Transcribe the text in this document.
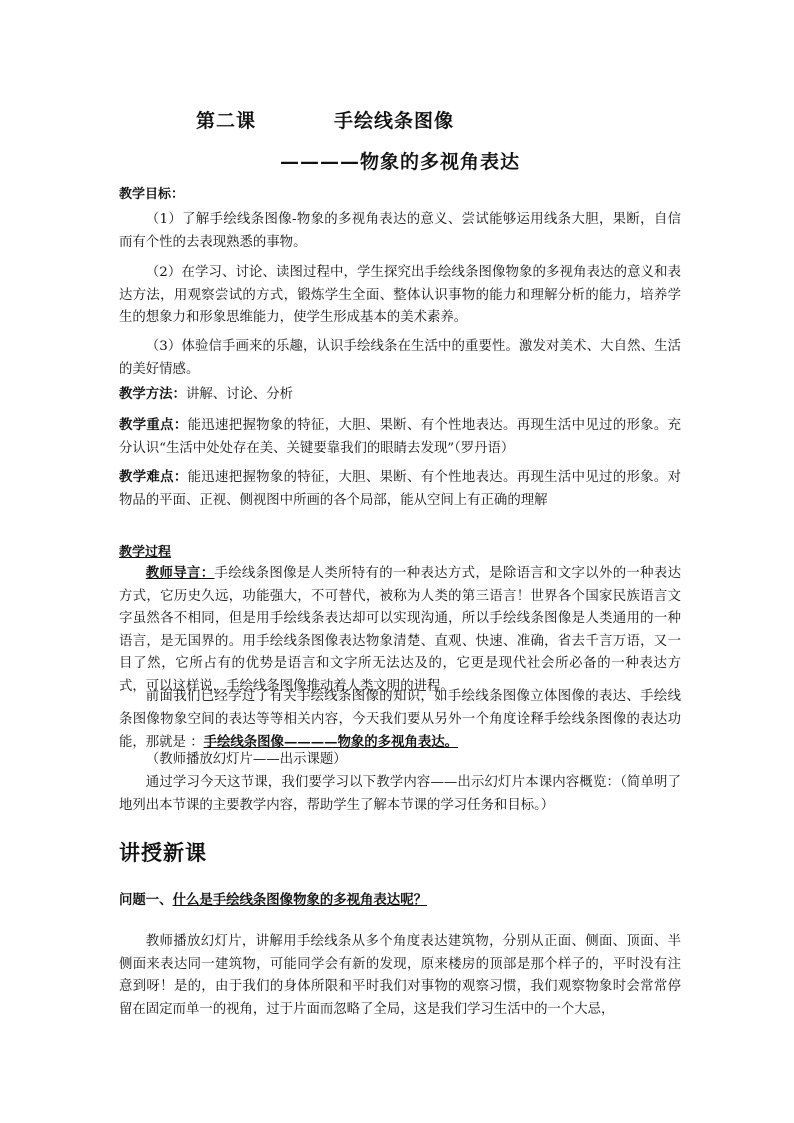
第二课	手绘线条图像
————物象的多视角表达
教学目标：
（1）了解手绘线条图像-物象的多视角表达的意义、尝试能够运用线条大胆，果断，自信而有个性的去表现熟悉的事物。
（2）在学习、讨论、读图过程中，学生探究出手绘线条图像物象的多视角表达的意义和表达方法，用观察尝试的方式，锻炼学生全面、整体认识事物的能力和理解分析的能力，培养学生的想象力和形象思维能力，使学生形成基本的美术素养。
（3）体验信手画来的乐趣，认识手绘线条在生活中的重要性。激发对美术、大自然、生活的美好情感。
教学方法：讲解、讨论、分析
教学重点：能迅速把握物象的特征，大胆、果断、有个性地表达。再现生活中见过的形象。充分认识“生活中处处存在美、关键要靠我们的眼睛去发现”（罗丹语）
教学难点：能迅速把握物象的特征，大胆、果断、有个性地表达。再现生活中见过的形象。对物品的平面、正视、侧视图中所画的各个局部，能从空间上有正确的理解
教学过程
教师导言：手绘线条图像是人类所特有的一种表达方式，是除语言和文字以外的一种表达方式，它历史久远，功能强大，不可替代，被称为人类的第三语言！世界各个国家民族语言文字虽然各不相同，但是用手绘线条表达却可以实现沟通，所以手绘线条图像是人类通用的一种语言，是无国界的。用手绘线条图像表达物象清楚、直观、快速、准确，省去千言万语，又一目了然，它所占有的优势是语言和文字所无法达及的，它更是现代社会所必备的一种表达方式，可以这样说，手绘线条图像推动着人类文明的进程。
前面我们已经学过了有关手绘线条图像的知识，如手绘线条图像立体图像的表达、手绘线条图像物象空间的表达等等相关内容，今天我们要从另外一个角度诠释手绘线条图像的表达功能，那就是 ：手绘线条图像————物象的多视角表达。
（教师播放幻灯片——出示课题）
通过学习今天这节课，我们要学习以下教学内容——出示幻灯片本课内容概览：（简单明了地列出本节课的主要教学内容，帮助学生了解本节课的学习任务和目标。）
讲授新课
问题一、什么是手绘线条图像物象的多视角表达呢？
教师播放幻灯片，讲解用手绘线条从多个角度表达建筑物，分别从正面、侧面、顶面、半侧面来表达同一建筑物，可能同学会有新的发现，原来楼房的顶部是那个样子的，平时没有注意到呀！是的，由于我们的身体所限和平时我们对事物的观察习惯，我们观察物象时会常常停留在固定而单一的视角，过于片面而忽略了全局，这是我们学习生活中的一个大忌，
